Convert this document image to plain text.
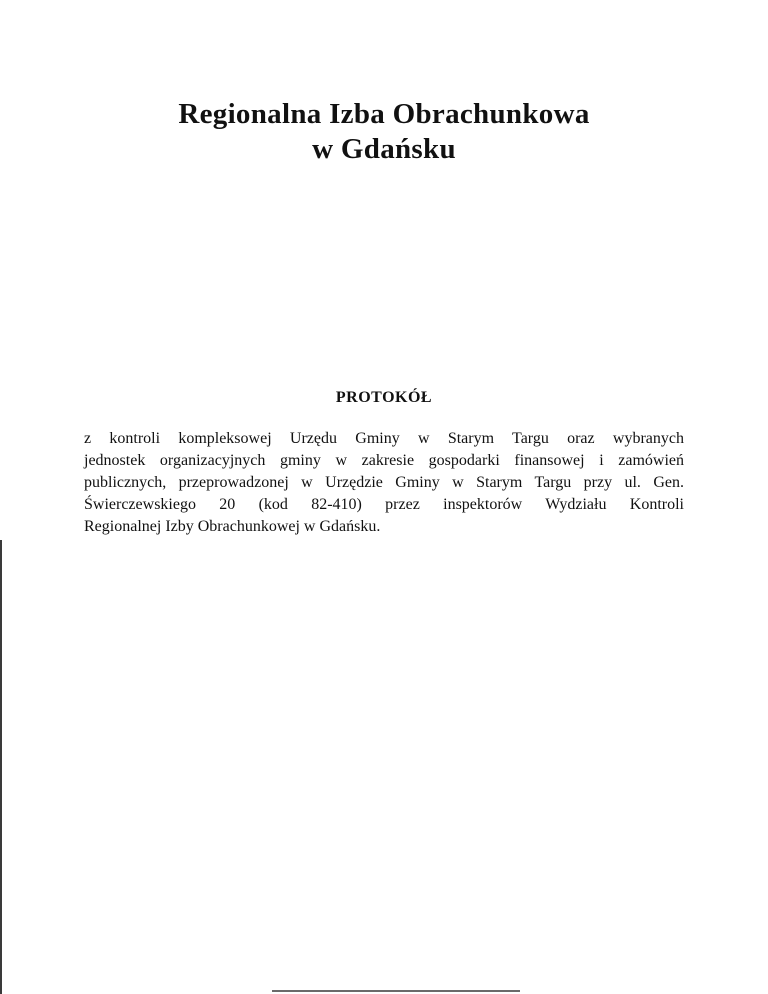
Regionalna Izba Obrachunkowa
w Gdańsku
PROTOKÓŁ
z kontroli kompleksowej Urzędu Gminy w Starym Targu oraz wybranych
jednostek organizacyjnych gminy w zakresie gospodarki finansowej i zamówień
publicznych, przeprowadzonej w Urzędzie Gminy w Starym Targu przy ul. Gen.
Świerczewskiego 20 (kod 82-410) przez inspektorów Wydziału Kontroli
Regionalnej Izby Obrachunkowej w Gdańsku.
